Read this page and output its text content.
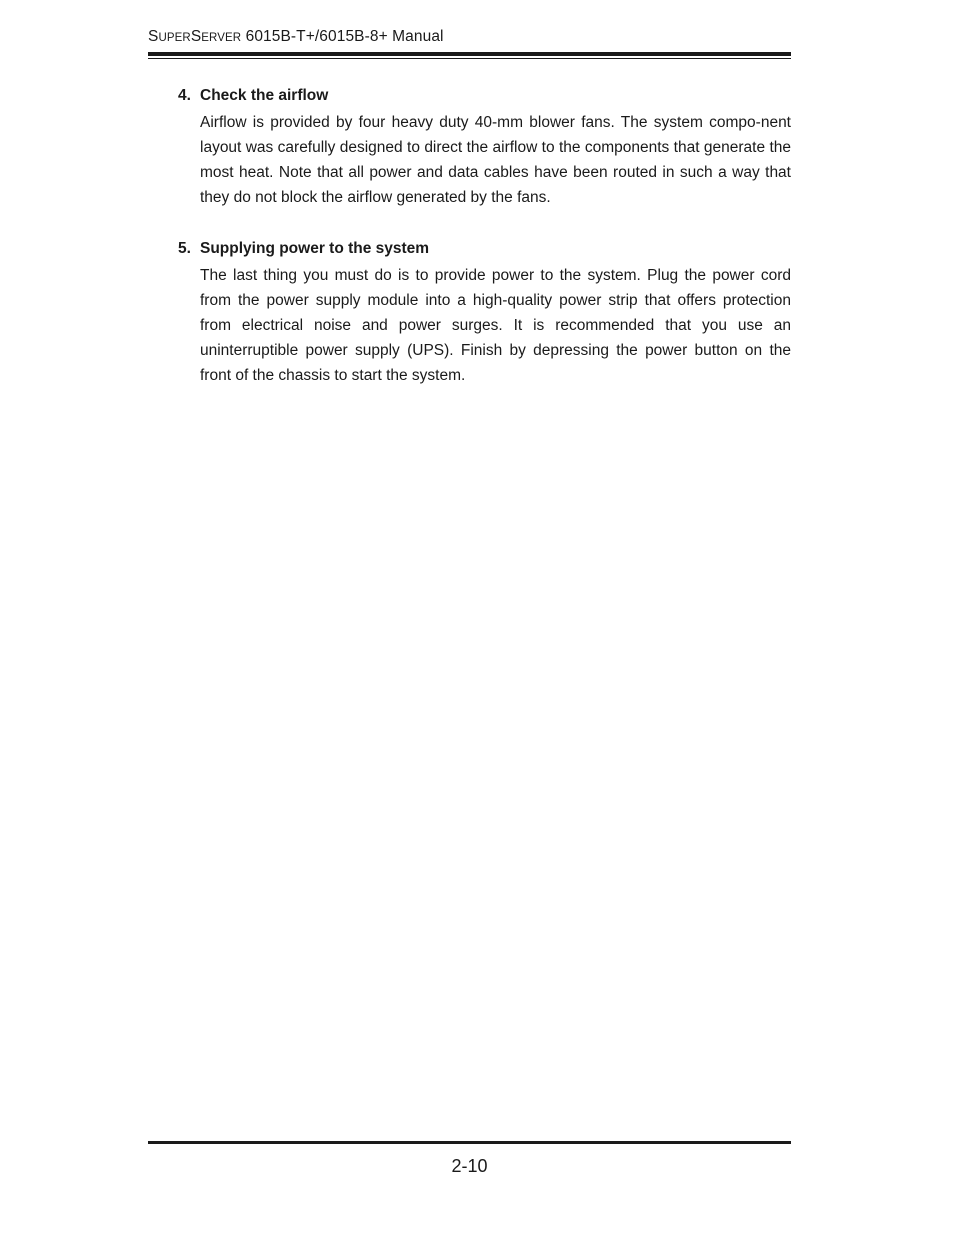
SUPERSERVER 6015B-T+/6015B-8+ Manual
4. Check the airflow
Airflow is provided by four heavy duty 40-mm blower fans. The system compo-nent layout was carefully designed to direct the airflow to the components that generate the most heat. Note that all power and data cables have been routed in such a way that they do not block the airflow generated by the fans.
5. Supplying power to the system
The last thing you must do is to provide power to the system. Plug the power cord from the power supply module into a high-quality power strip that offers protection from electrical noise and power surges. It is recommended that you use an uninterruptible power supply (UPS). Finish by depressing the power button on the front of the chassis to start the system.
2-10
